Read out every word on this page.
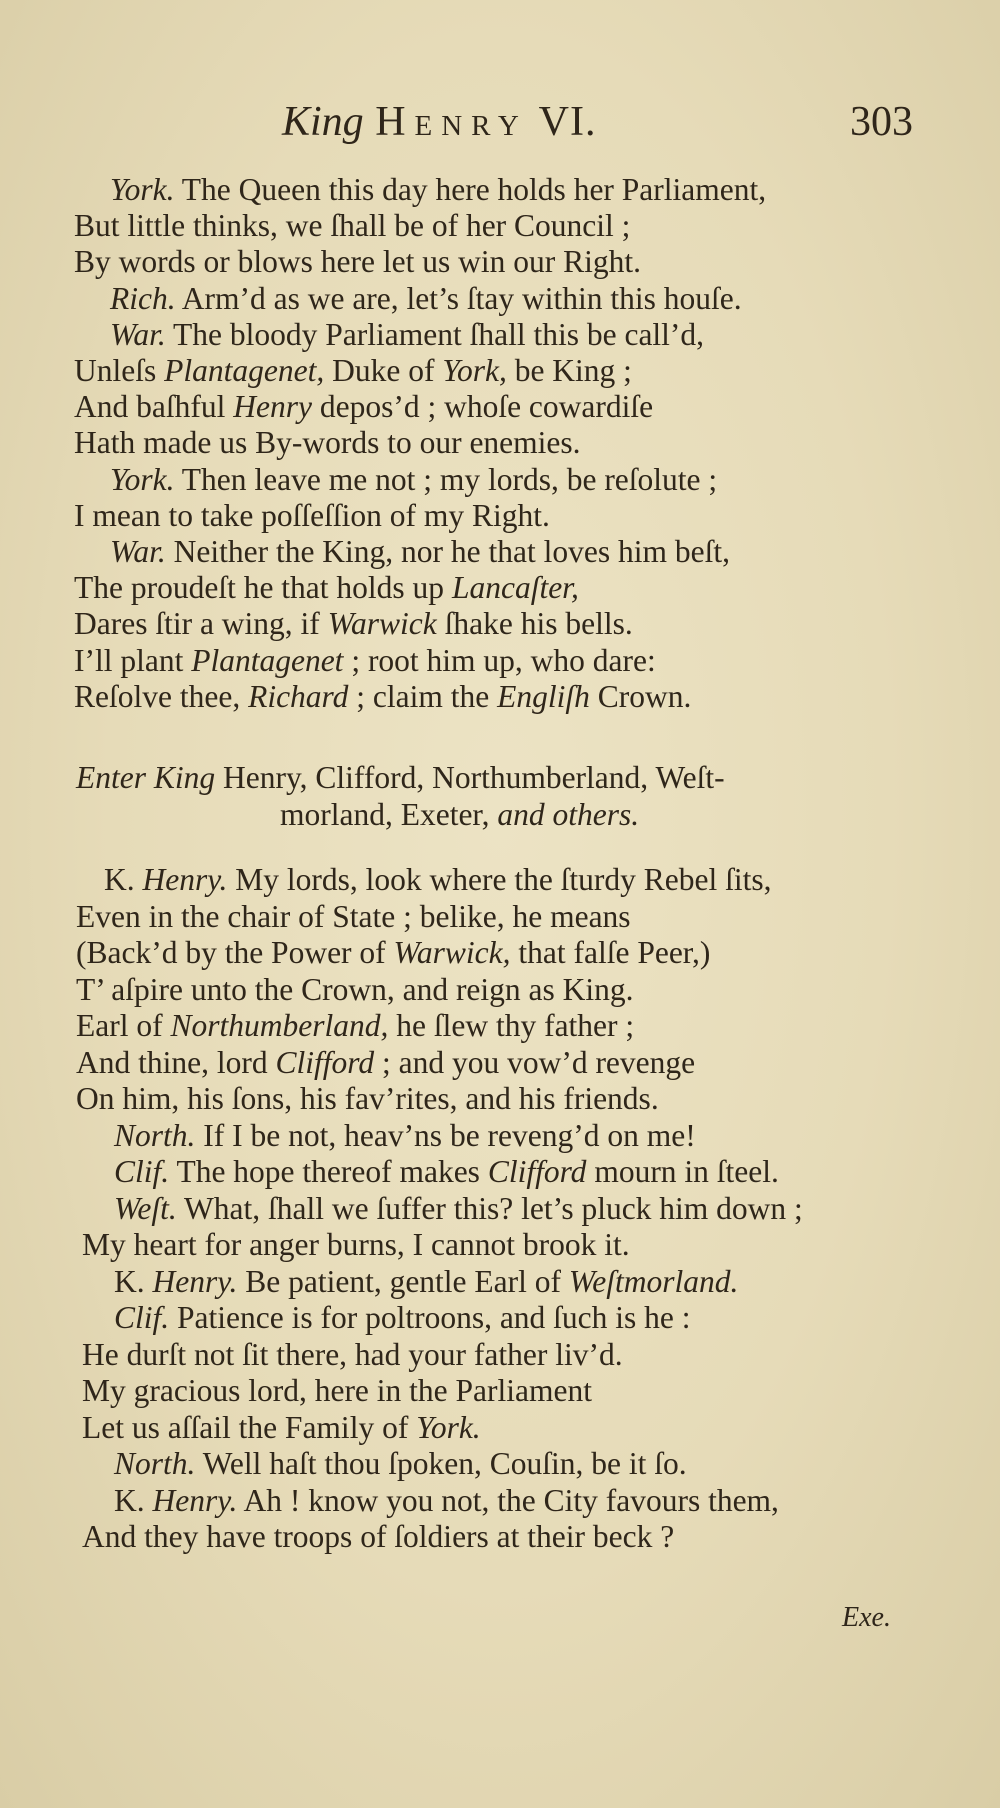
King Henry VI.	303
York. The Queen this day here holds her Parliament,
But little thinks, we ſhall be of her Council ;
By words or blows here let us win our Right.
Rich. Arm’d as we are, let’s ſtay within this houſe.
War. The bloody Parliament ſhall this be call’d,
Unleſs Plantagenet, Duke of York, be King ;
And baſhful Henry depos’d ; whoſe cowardiſe
Hath made us By-words to our enemies.
York. Then leave me not ; my lords, be reſolute ;
I mean to take poſſeſſion of my Right.
War. Neither the King, nor he that loves him beſt,
The proudeſt he that holds up Lancaſter,
Dares ſtir a wing, if Warwick ſhake his bells.
I’ll plant Plantagenet ; root him up, who dare:
Reſolve thee, Richard ; claim the Engliſh Crown.
Enter King Henry, Clifford, Northumberland, Weſt-
morland, Exeter, and others.
K. Henry. My lords, look where the ſturdy Rebel ſits,
Even in the chair of State ; belike, he means
(Back’d by the Power of Warwick, that falſe Peer,)
T’ aſpire unto the Crown, and reign as King.
Earl of Northumberland, he ſlew thy father ;
And thine, lord Clifford ; and you vow’d revenge
On him, his ſons, his fav’rites, and his friends.
North. If I be not, heav’ns be reveng’d on me!
Clif. The hope thereof makes Clifford mourn in ſteel.
Weſt. What, ſhall we ſuffer this? let’s pluck him down ;
My heart for anger burns, I cannot brook it.
K. Henry. Be patient, gentle Earl of Weſtmorland.
Clif. Patience is for poltroons, and ſuch is he :
He durſt not ſit there, had your father liv’d.
My gracious lord, here in the Parliament
Let us aſſail the Family of York.
North. Well haſt thou ſpoken, Couſin, be it ſo.
K. Henry. Ah ! know you not, the City favours them,
And they have troops of ſoldiers at their beck ?
Exe.
